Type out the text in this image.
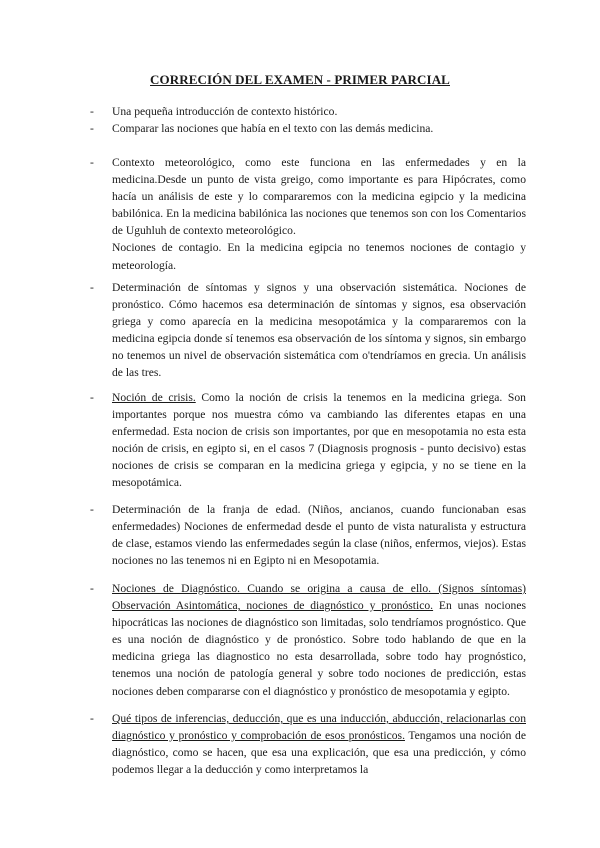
CORRECIÓN DEL EXAMEN - PRIMER PARCIAL
-	Una pequeña introducción de contexto histórico.
-	Comparar las nociones que había en el texto con las demás medicina.
-	Contexto meteorológico, como este funciona en las enfermedades y en la medicina.Desde un punto de vista greigo, como importante es para Hipócrates, como hacía un análisis de este y lo compararemos con la medicina egipcio y la medicina babilónica. En la medicina babilónica las nociones que tenemos son con los Comentarios de Uguhluh de contexto meteorológico.

Nociones de contagio. En la medicina egipcia no tenemos nociones de contagio y meteorología.

-	Determinación de síntomas y signos y una observación sistemática. Nociones de pronóstico. Cómo hacemos esa determinación de síntomas y signos, esa observación griega y como aparecía en la medicina mesopotámica y la compararemos con la medicina egipcia donde sí tenemos esa observación de los síntoma y signos, sin embargo no tenemos un nivel de observación sistemática com o'tendríamos en grecia. Un análisis de las tres.
-	Noción de crisis. Como la noción de crisis la tenemos en la medicina griega. Son importantes porque nos muestra cómo va cambiando las diferentes etapas en una enfermedad. Esta nocion de crisis son importantes, por que en mesopotamia no esta esta noción de crisis, en egipto si, en el casos 7 (Diagnosis prognosis - punto decisivo) estas nociones de crisis se comparan en la medicina griega y egipcia, y no se tiene en la mesopotámica.
-	Determinación de la franja de edad. (Niños, ancianos, cuando funcionaban esas enfermedades) Nociones de enfermedad desde el punto de vista naturalista y estructura de clase, estamos viendo las enfermedades según la clase (niños, enfermos, viejos). Estas nociones no las tenemos ni en Egipto ni en Mesopotamia.
-	Nociones de Diagnóstico. Cuando se origina a causa de ello. (Signos síntomas) Observación Asintomática, nociones de diagnóstico y pronóstico. En unas nociones hipocráticas las nociones de diagnóstico son limitadas, solo tendríamos prognóstico. Que es una noción de diagnóstico y de pronóstico. Sobre todo hablando de que en la medicina griega las diagnostico no esta desarrollada, sobre todo hay prognóstico, tenemos una noción de patología general y sobre todo nociones de predicción, estas nociones deben compararse con el diagnóstico y pronóstico de mesopotamia y egipto.
-	Qué tipos de inferencias, deducción, que es una inducción, abducción, relacionarlas con diagnóstico y pronóstico y comprobación de esos pronósticos. Tengamos una noción de diagnóstico, como se hacen, que esa una explicación, que esa una predicción, y cómo podemos llegar a la deducción y como interpretamos la
